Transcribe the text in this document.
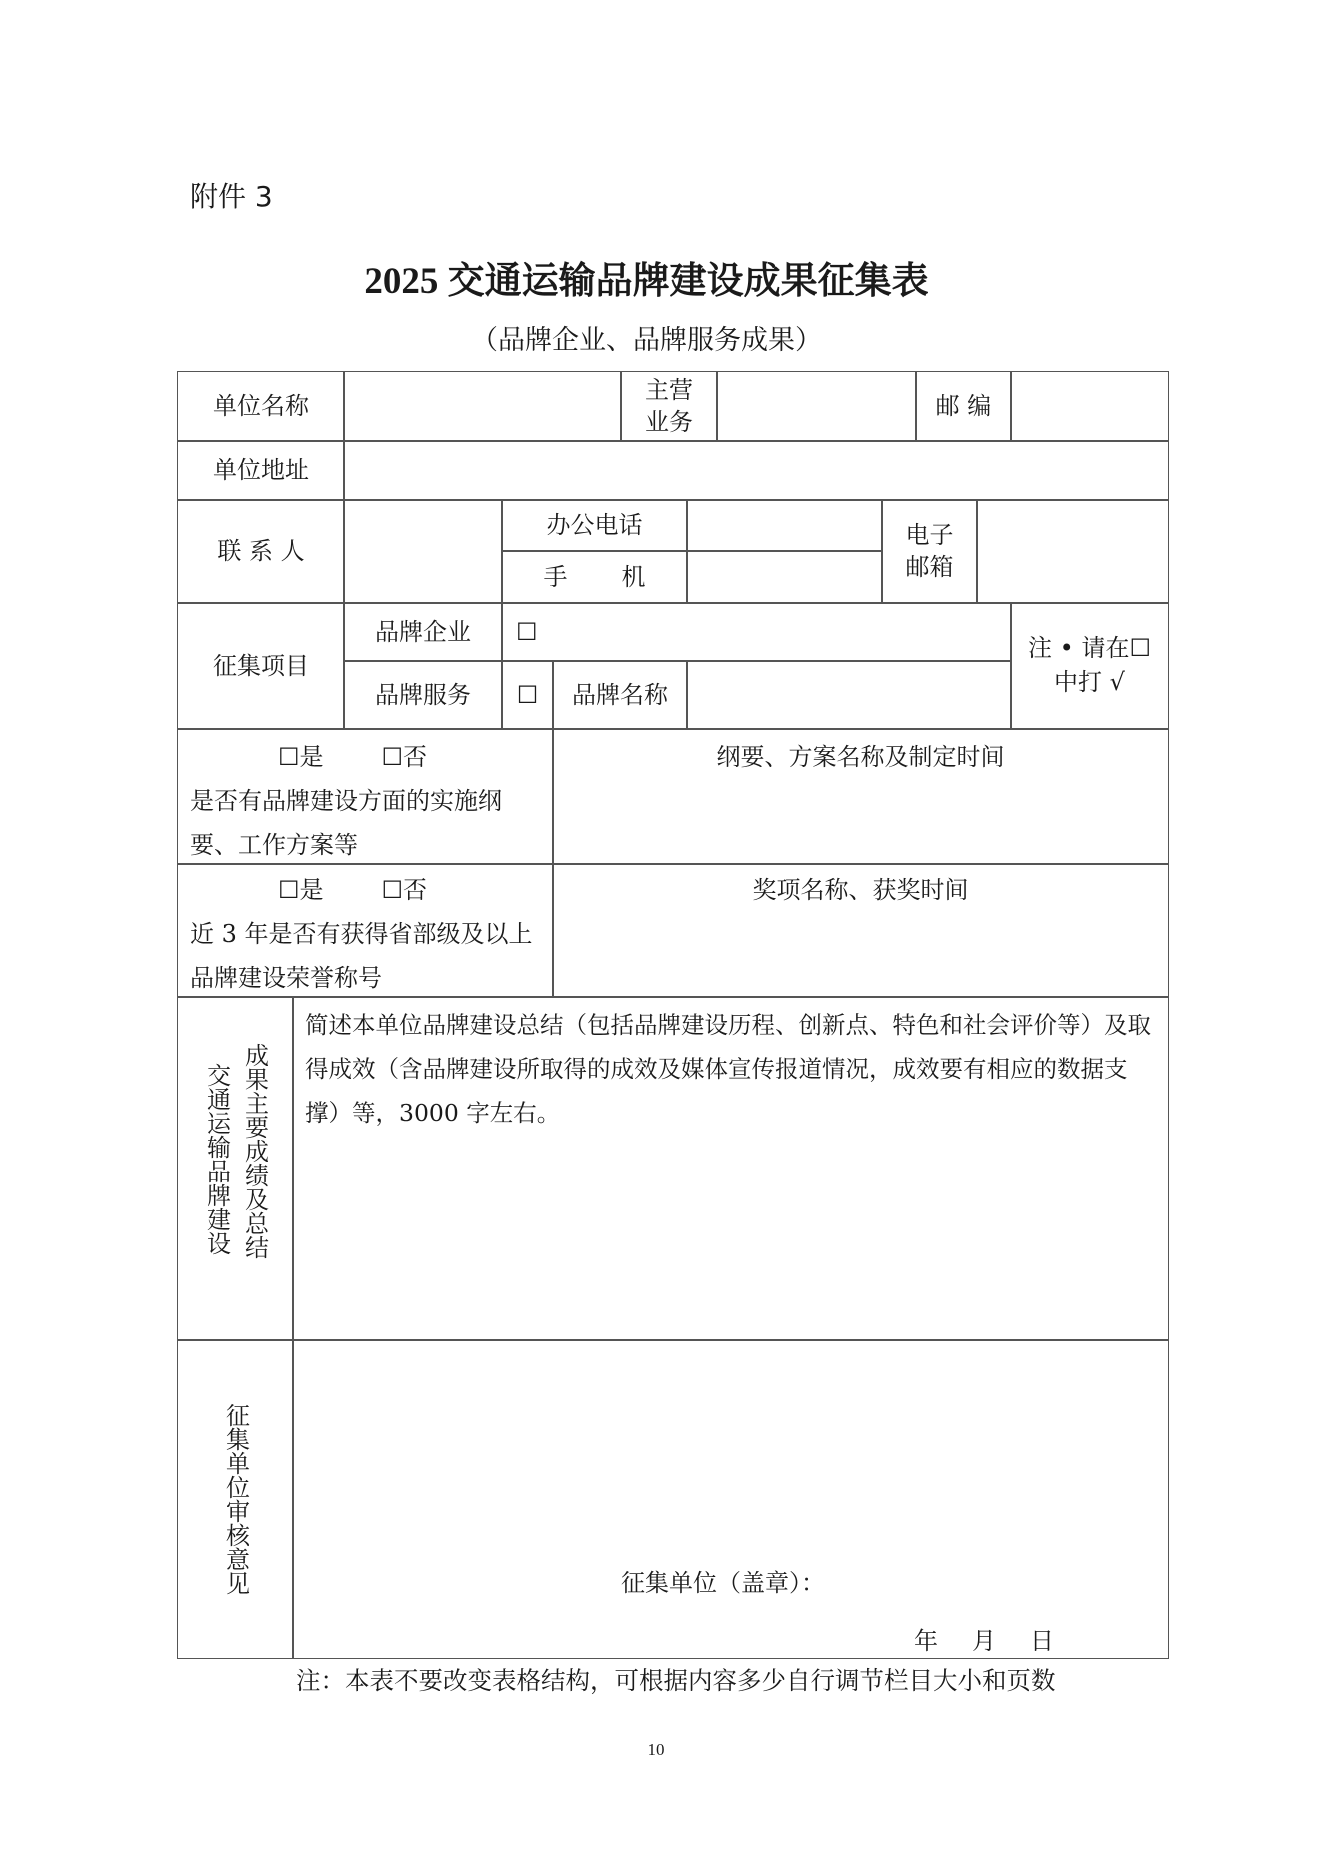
附件 3
2025 交通运输品牌建设成果征集表
（品牌企业、品牌服务成果）
单位名称
主营
业务
邮 编
单位地址
联 系 人
办公电话
手 机
电子
邮箱
征集项目
品牌企业 ☐
品牌服务 ☐ 品牌名称
注 • 请在☐
中打 √
☐是 ☐否
是否有品牌建设方面的实施纲要、工作方案等
纲要、方案名称及制定时间
☐是 ☐否
近 3 年是否有获得省部级及以上品牌建设荣誉称号
奖项名称、获奖时间
交通运输品牌建设 成果主要成绩及总结
简述本单位品牌建设总结（包括品牌建设历程、创新点、特色和社会评价等）及取得成效（含品牌建设所取得的成效及媒体宣传报道情况，成效要有相应的数据支撑）等，3000 字左右。
征集单位审核意见	征集单位（盖章）：
年 月 日
注：本表不要改变表格结构，可根据内容多少自行调节栏目大小和页数
10
